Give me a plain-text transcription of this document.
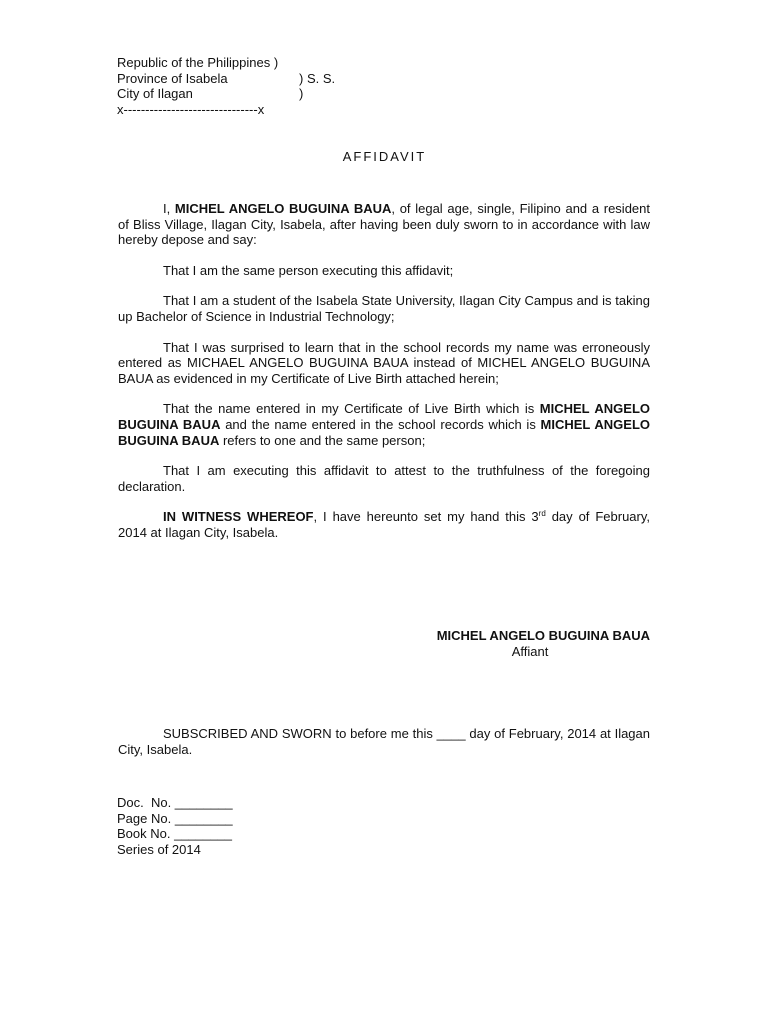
Republic of the Philippines )
Province of Isabela	) S. S.
City of Ilagan	)
x-------------------------------x
AFFIDAVIT

I, MICHEL ANGELO BUGUINA BAUA, of legal age, single, Filipino and a resident of Bliss Village, Ilagan City, Isabela, after having been duly sworn to in accordance with law hereby depose and say:

That I am the same person executing this affidavit;

That I am a student of the Isabela State University, Ilagan City Campus and is taking up Bachelor of Science in Industrial Technology;

That I was surprised to learn that in the school records my name was erroneously entered as MICHAEL ANGELO BUGUINA BAUA instead of MICHEL ANGELO BUGUINA BAUA as evidenced in my Certificate of Live Birth attached herein;

That the name entered in my Certificate of Live Birth which is MICHEL ANGELO BUGUINA BAUA and the name entered in the school records which is MICHEL ANGELO BUGUINA BAUA refers to one and the same person;

That I am executing this affidavit to attest to the truthfulness of the foregoing declaration.

IN WITNESS WHEREOF, I have hereunto set my hand this 3rd day of February, 2014 at Ilagan City, Isabela.

MICHEL ANGELO BUGUINA BAUA
Affiant

SUBSCRIBED AND SWORN to before me this ____ day of February, 2014 at Ilagan City, Isabela.

Doc.  No. ________
Page No. ________
Book No. ________
Series of 2014
